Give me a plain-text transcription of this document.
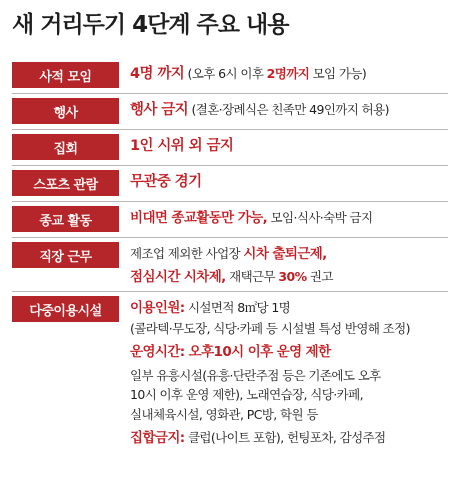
새 거리두기 4단계 주요 내용
사적 모임	4명 까지 (오후 6시 이후 2명까지 모임 가능)
행사	행사 금지 (결혼·장례식은 친족만 49인까지 허용)
집회	1인 시위 외 금지
스포츠 관람	무관중 경기
종교 활동	비대면 종교활동만 가능, 모임·식사·숙박 금지
직장 근무	제조업 제외한 사업장 시차 출퇴근제,
점심시간 시차제, 재택근무 30% 권고
다중이용시설	이용인원: 시설면적 8㎡당 1명
(콜라텍·무도장, 식당·카페 등 시설별 특성 반영해 조정)
운영시간: 오후10시 이후 운영 제한
일부 유흥시설(유흥·단란주점 등은 기존에도 오후
10시 이후 운영 제한), 노래연습장, 식당·카페,
실내체육시설, 영화관, PC방, 학원 등
집합금지: 클럽(나이트 포함), 헌팅포차, 감성주점
